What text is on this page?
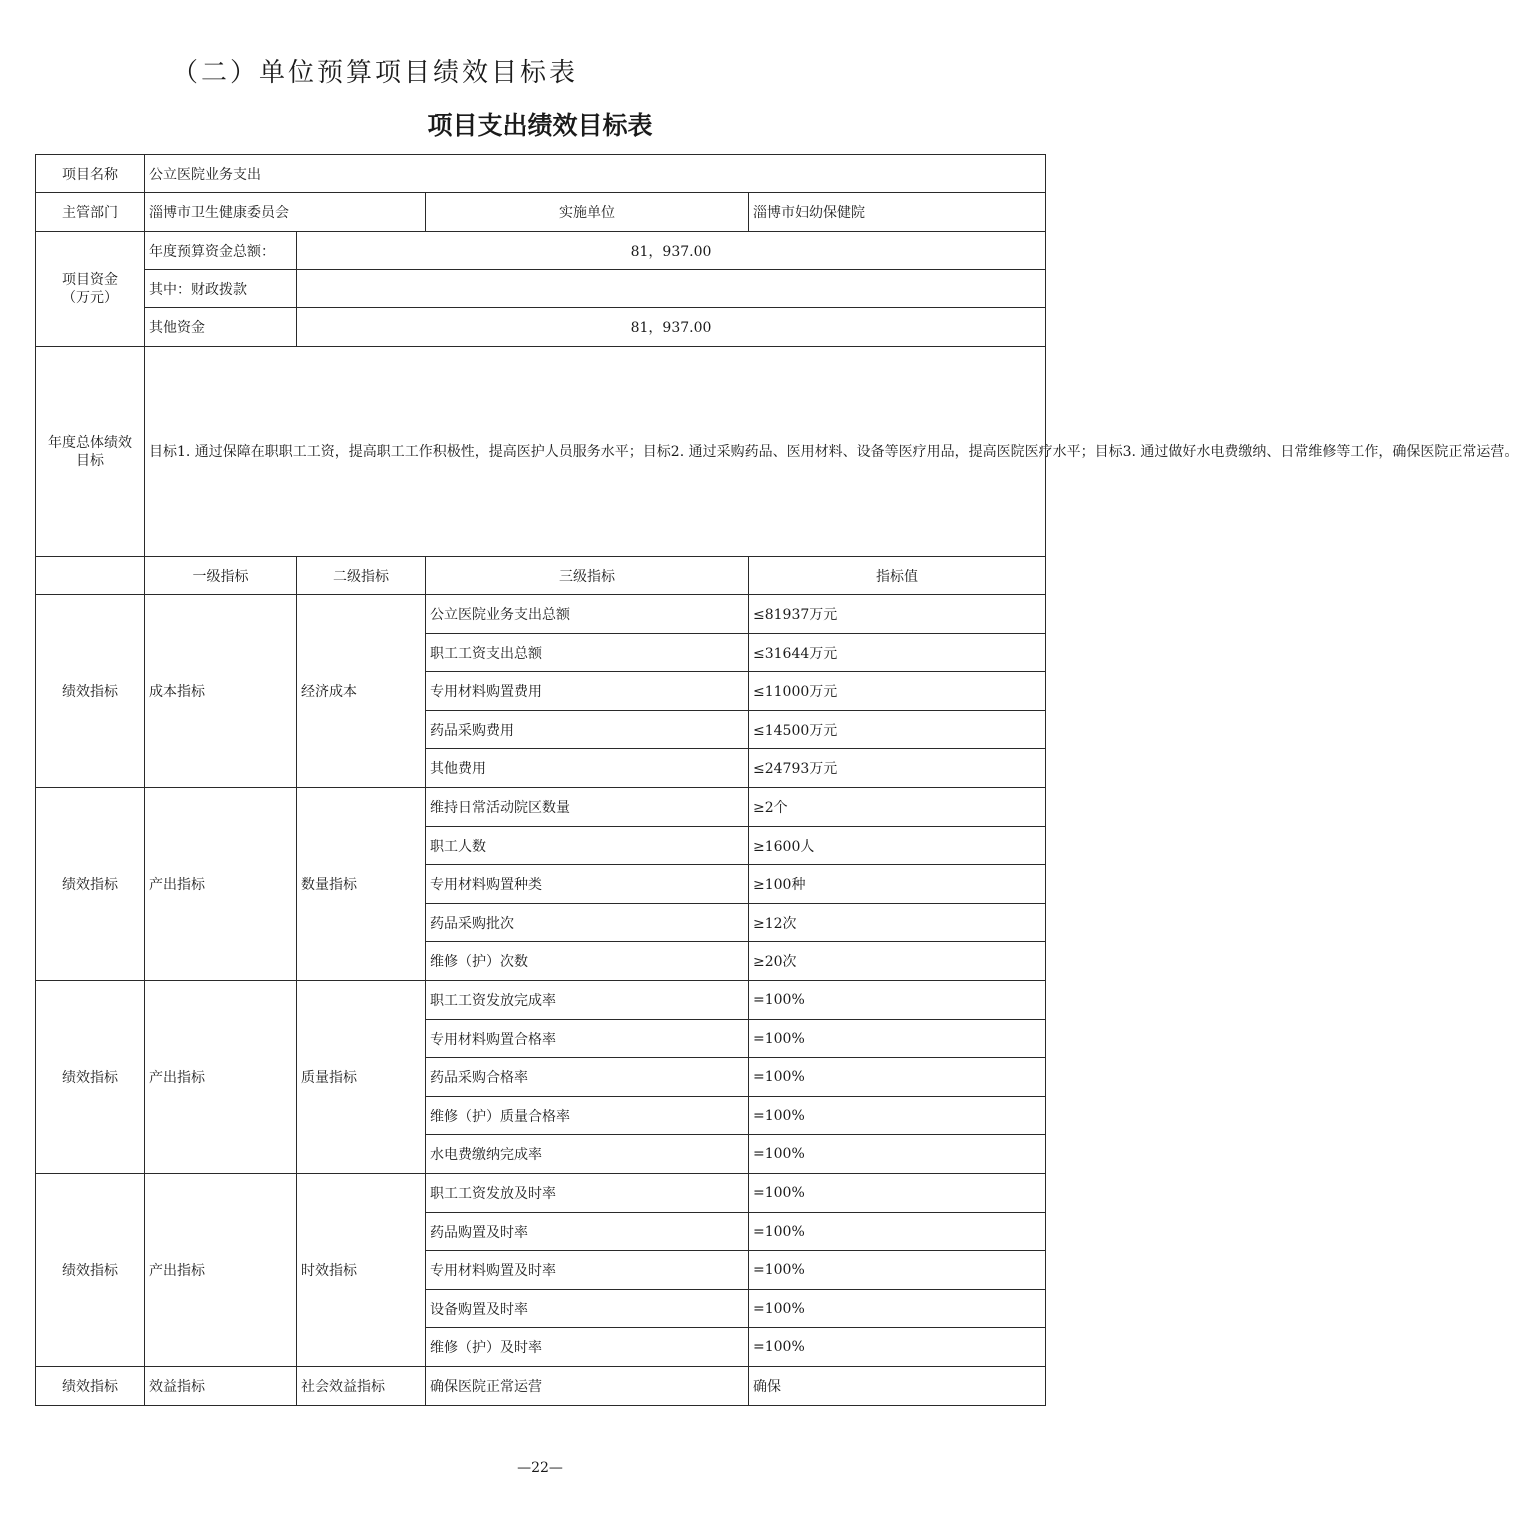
（二）单位预算项目绩效目标表
项目支出绩效目标表
项目名称	公立医院业务支出			
主管部门	淄博市卫生健康委员会		实施单位	淄博市妇幼保健院

项目资金
（万元）	年度预算资金总额：	81，937.00		
	其中：财政拨款			
	其他资金	81，937.00		

年度总体绩效
目标	目标1. 通过保障在职职工工资，提高职工工作积极性，提高医护人员服务水平；目标2. 通过采购药品、医用材料、设备等医疗用品，提高医院医疗水平；目标3. 通过做好水电费缴纳、日常维修等工作，确保医院正常运营。			
	一级指标	二级指标	三级指标	指标值
绩效指标	成本指标	经济成本	公立医院业务支出总额	≤81937万元
			职工工资支出总额	≤31644万元
			专用材料购置费用	≤11000万元
			药品采购费用	≤14500万元
			其他费用	≤24793万元
绩效指标	产出指标	数量指标	维持日常活动院区数量	≥2个
			职工人数	≥1600人
			专用材料购置种类	≥100种
			药品采购批次	≥12次
			维修（护）次数	≥20次
绩效指标	产出指标	质量指标	职工工资发放完成率	=100%
			专用材料购置合格率	=100%
			药品采购合格率	=100%
			维修（护）质量合格率	=100%
			水电费缴纳完成率	=100%
绩效指标	产出指标	时效指标	职工工资发放及时率	=100%
			药品购置及时率	=100%
			专用材料购置及时率	=100%
			设备购置及时率	=100%
			维修（护）及时率	=100%
绩效指标	效益指标	社会效益指标	确保医院正常运营	确保
—22—
